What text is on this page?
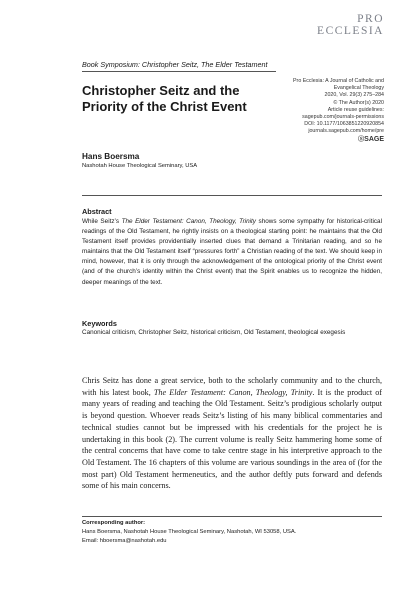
PRO
ECCLESIA
Book Symposium: Christopher Seitz, The Elder Testament
Pro Ecclesia: A Journal of Catholic and
Evangelical Theology
2020, Vol. 29(3) 275–284
© The Author(s) 2020
Article reuse guidelines:
sagepub.com/journals-permissions
DOI: 10.1177/1063851220920854
journals.sagepub.com/home/pre
ⓈSAGE
Christopher Seitz and the Priority of the Christ Event
Hans Boersma
Nashotah House Theological Seminary, USA
Abstract
While Seitz’s The Elder Testament: Canon, Theology, Trinity shows some sympathy for historical-critical readings of the Old Testament, he rightly insists on a theological starting point: he maintains that the Old Testament itself provides providentially inserted clues that demand a Trinitarian reading, and so he maintains that the Old Testament itself “pressures forth” a Christian reading of the text. We should keep in mind, however, that it is only through the acknowledgement of the ontological priority of the Christ event (and of the church’s identity within the Christ event) that the Spirit enables us to recognize the hidden, deeper meanings of the text.
Keywords
Canonical criticism, Christopher Seitz, historical criticism, Old Testament, theological exegesis
Chris Seitz has done a great service, both to the scholarly community and to the church, with his latest book, The Elder Testament: Canon, Theology, Trinity. It is the product of many years of reading and teaching the Old Testament. Seitz’s prodigious scholarly output is beyond question. Whoever reads Seitz’s listing of his many biblical commentaries and technical studies cannot but be impressed with his credentials for the project he is undertaking in this book (2). The current volume is really Seitz hammering home some of the central concerns that have come to take centre stage in his interpretive approach to the Old Testament. The 16 chapters of this volume are various soundings in the area of (for the most part) Old Testament hermeneutics, and the author deftly puts forward and defends some of his main concerns.
Corresponding author:
Hans Boersma, Nashotah House Theological Seminary, Nashotah, WI 53058, USA.
Email: hboersma@nashotah.edu
